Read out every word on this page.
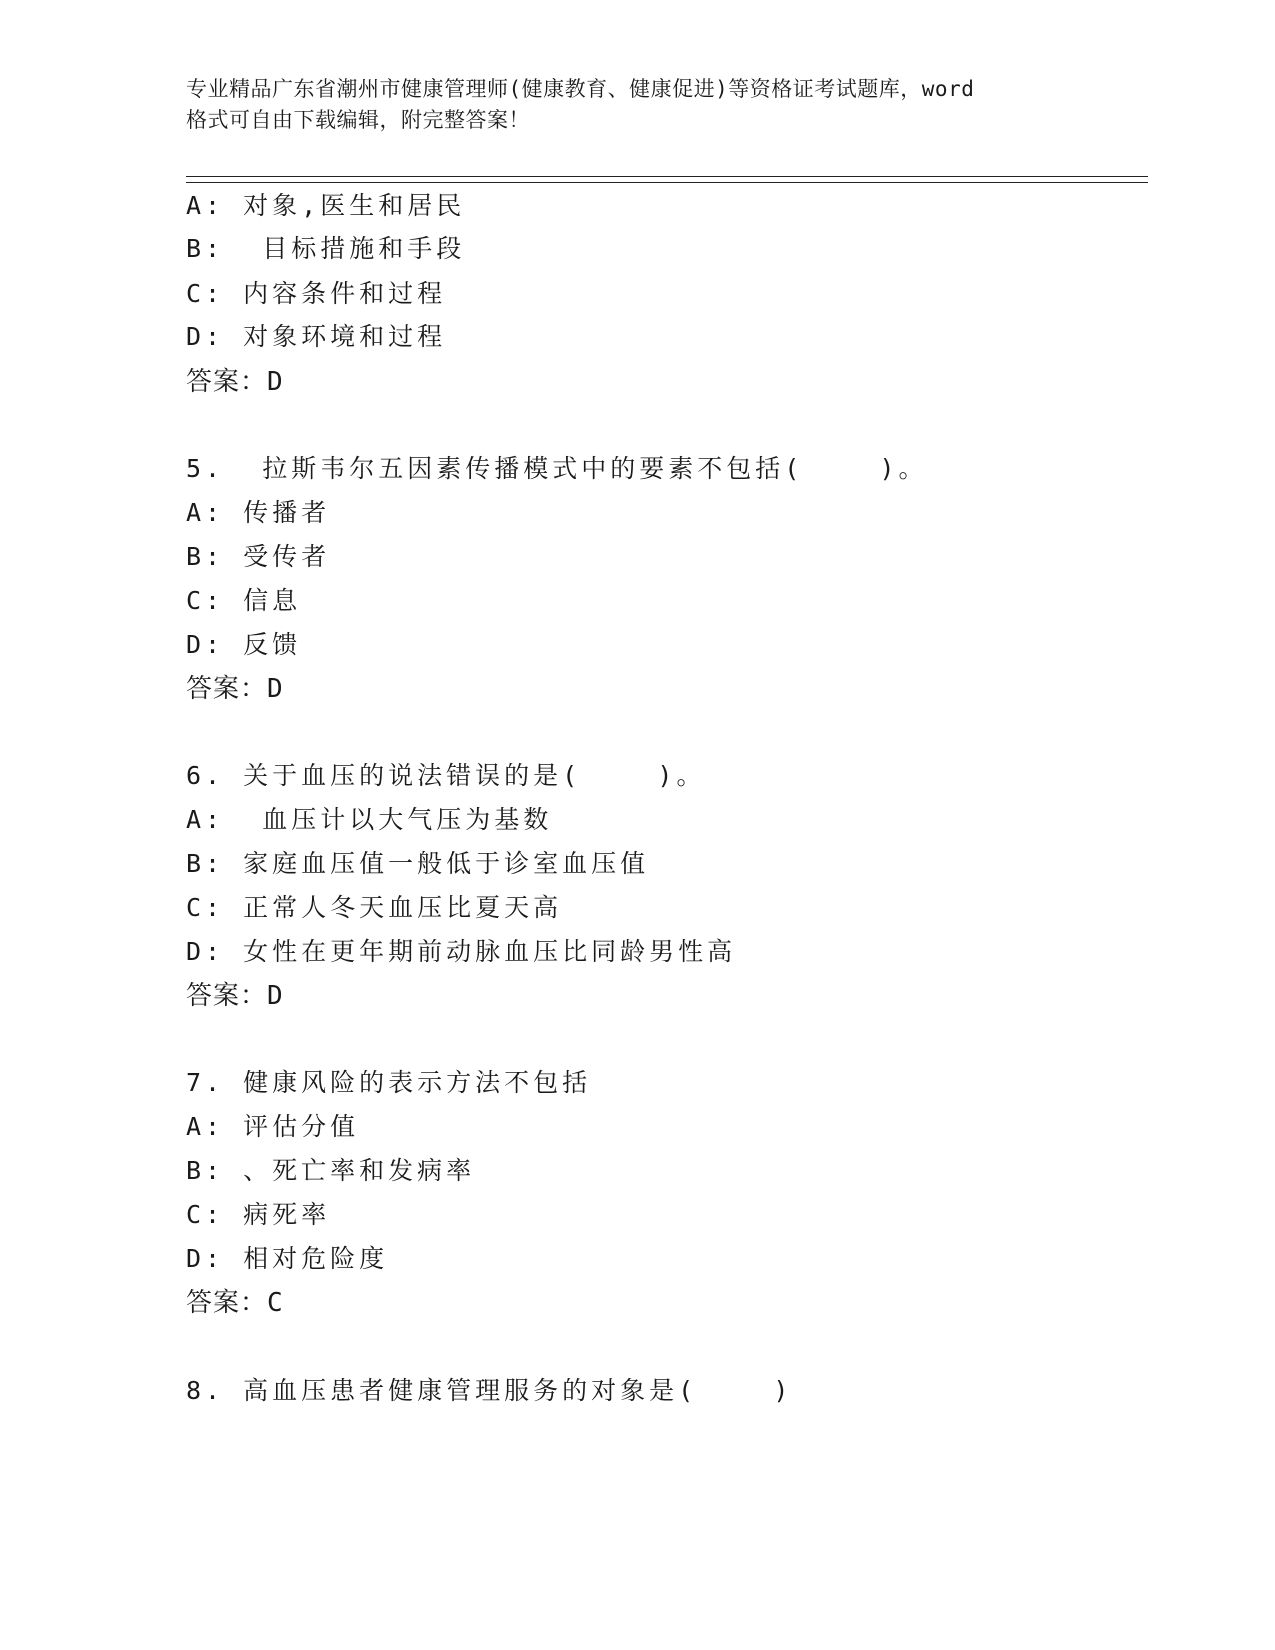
专业精品广东省潮州市健康管理师(健康教育、健康促进)等资格证考试题库，word
格式可自由下载编辑，附完整答案！
A: 对象,医生和居民
B:  目标措施和手段
C: 内容条件和过程
D: 对象环境和过程
答案：D
5.  拉斯韦尔五因素传播模式中的要素不包括(    )。
A: 传播者
B: 受传者
C: 信息
D: 反馈
答案：D
6. 关于血压的说法错误的是(    )。
A:  血压计以大气压为基数
B: 家庭血压值一般低于诊室血压值
C: 正常人冬天血压比夏天高
D: 女性在更年期前动脉血压比同龄男性高
答案：D
7. 健康风险的表示方法不包括
A: 评估分值
B: 、死亡率和发病率
C: 病死率
D: 相对危险度
答案：C
8. 高血压患者健康管理服务的对象是(    )
